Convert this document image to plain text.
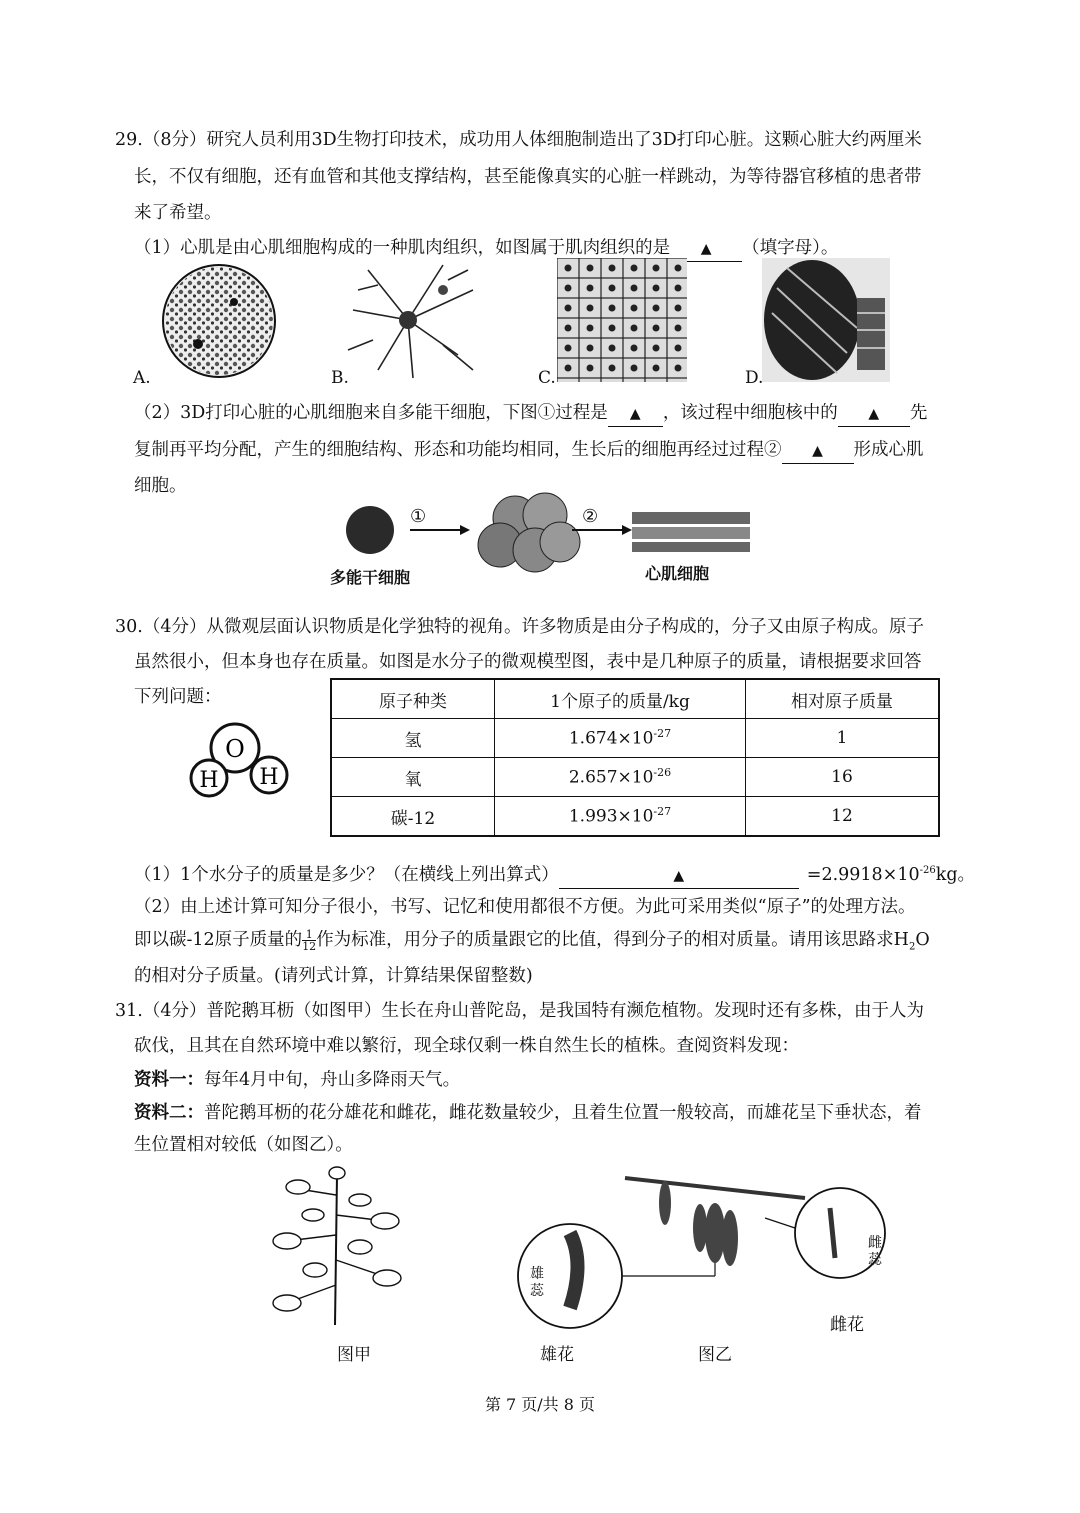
29.（8分）研究人员利用3D生物打印技术，成功用人体细胞制造出了3D打印心脏。这颗心脏大约两厘米
长，不仅有细胞，还有血管和其他支撑结构，甚至能像真实的心脏一样跳动，为等待器官移植的患者带
来了希望。
（1）心肌是由心肌细胞构成的一种肌肉组织，如图属于肌肉组织的是 ▲ （填字母）。
A.	B.	C.	D.
（2）3D打印心脏的心肌细胞来自多能干细胞，下图①过程是 ▲ ，该过程中细胞核中的 ▲ 先
复制再平均分配，产生的细胞结构、形态和功能均相同，生长后的细胞再经过过程② ▲ 形成心肌
细胞。
①	②
多能干细胞	心肌细胞
30.（4分）从微观层面认识物质是化学独特的视角。许多物质是由分子构成的，分子又由原子构成。原子
虽然很小，但本身也存在质量。如图是水分子的微观模型图，表中是几种原子的质量，请根据要求回答
下列问题：
O
H H
原子种类	1个原子的质量/kg	相对原子质量
氢	$1.674\times 10^{-27}$	1
氧	$2.657\times 10^{-26}$	16
碳-12	$1.993\times 10^{-27}$	12
（1）1个水分子的质量是多少？（在横线上列出算式）	▲	$=2.9918\times 10^{-26}kg$。
（2）由上述计算可知分子很小，书写、记忆和使用都很不方便。为此可采用类似“原子”的处理方法。
即以碳-12原子质量的 $\frac{1}{12}$ 作为标准，用分子的质量跟它的比值，得到分子的相对质量。请用该思路求$H_2O$
的相对分子质量。(请列式计算，计算结果保留整数)
31.（4分）普陀鹅耳枥（如图甲）生长在舟山普陀岛，是我国特有濒危植物。发现时还有多株，由于人为
砍伐，且其在自然环境中难以繁衍，现全球仅剩一株自然生长的植株。查阅资料发现：
资料一：每年4月中旬，舟山多降雨天气。
资料二：普陀鹅耳枥的花分雄花和雌花，雌花数量较少，且着生位置一般较高，而雄花呈下垂状态，着
生位置相对较低（如图乙）。
图甲
雄蕊
雌蕊
雄花	图乙
雌花
第 7 页/共 8 页
